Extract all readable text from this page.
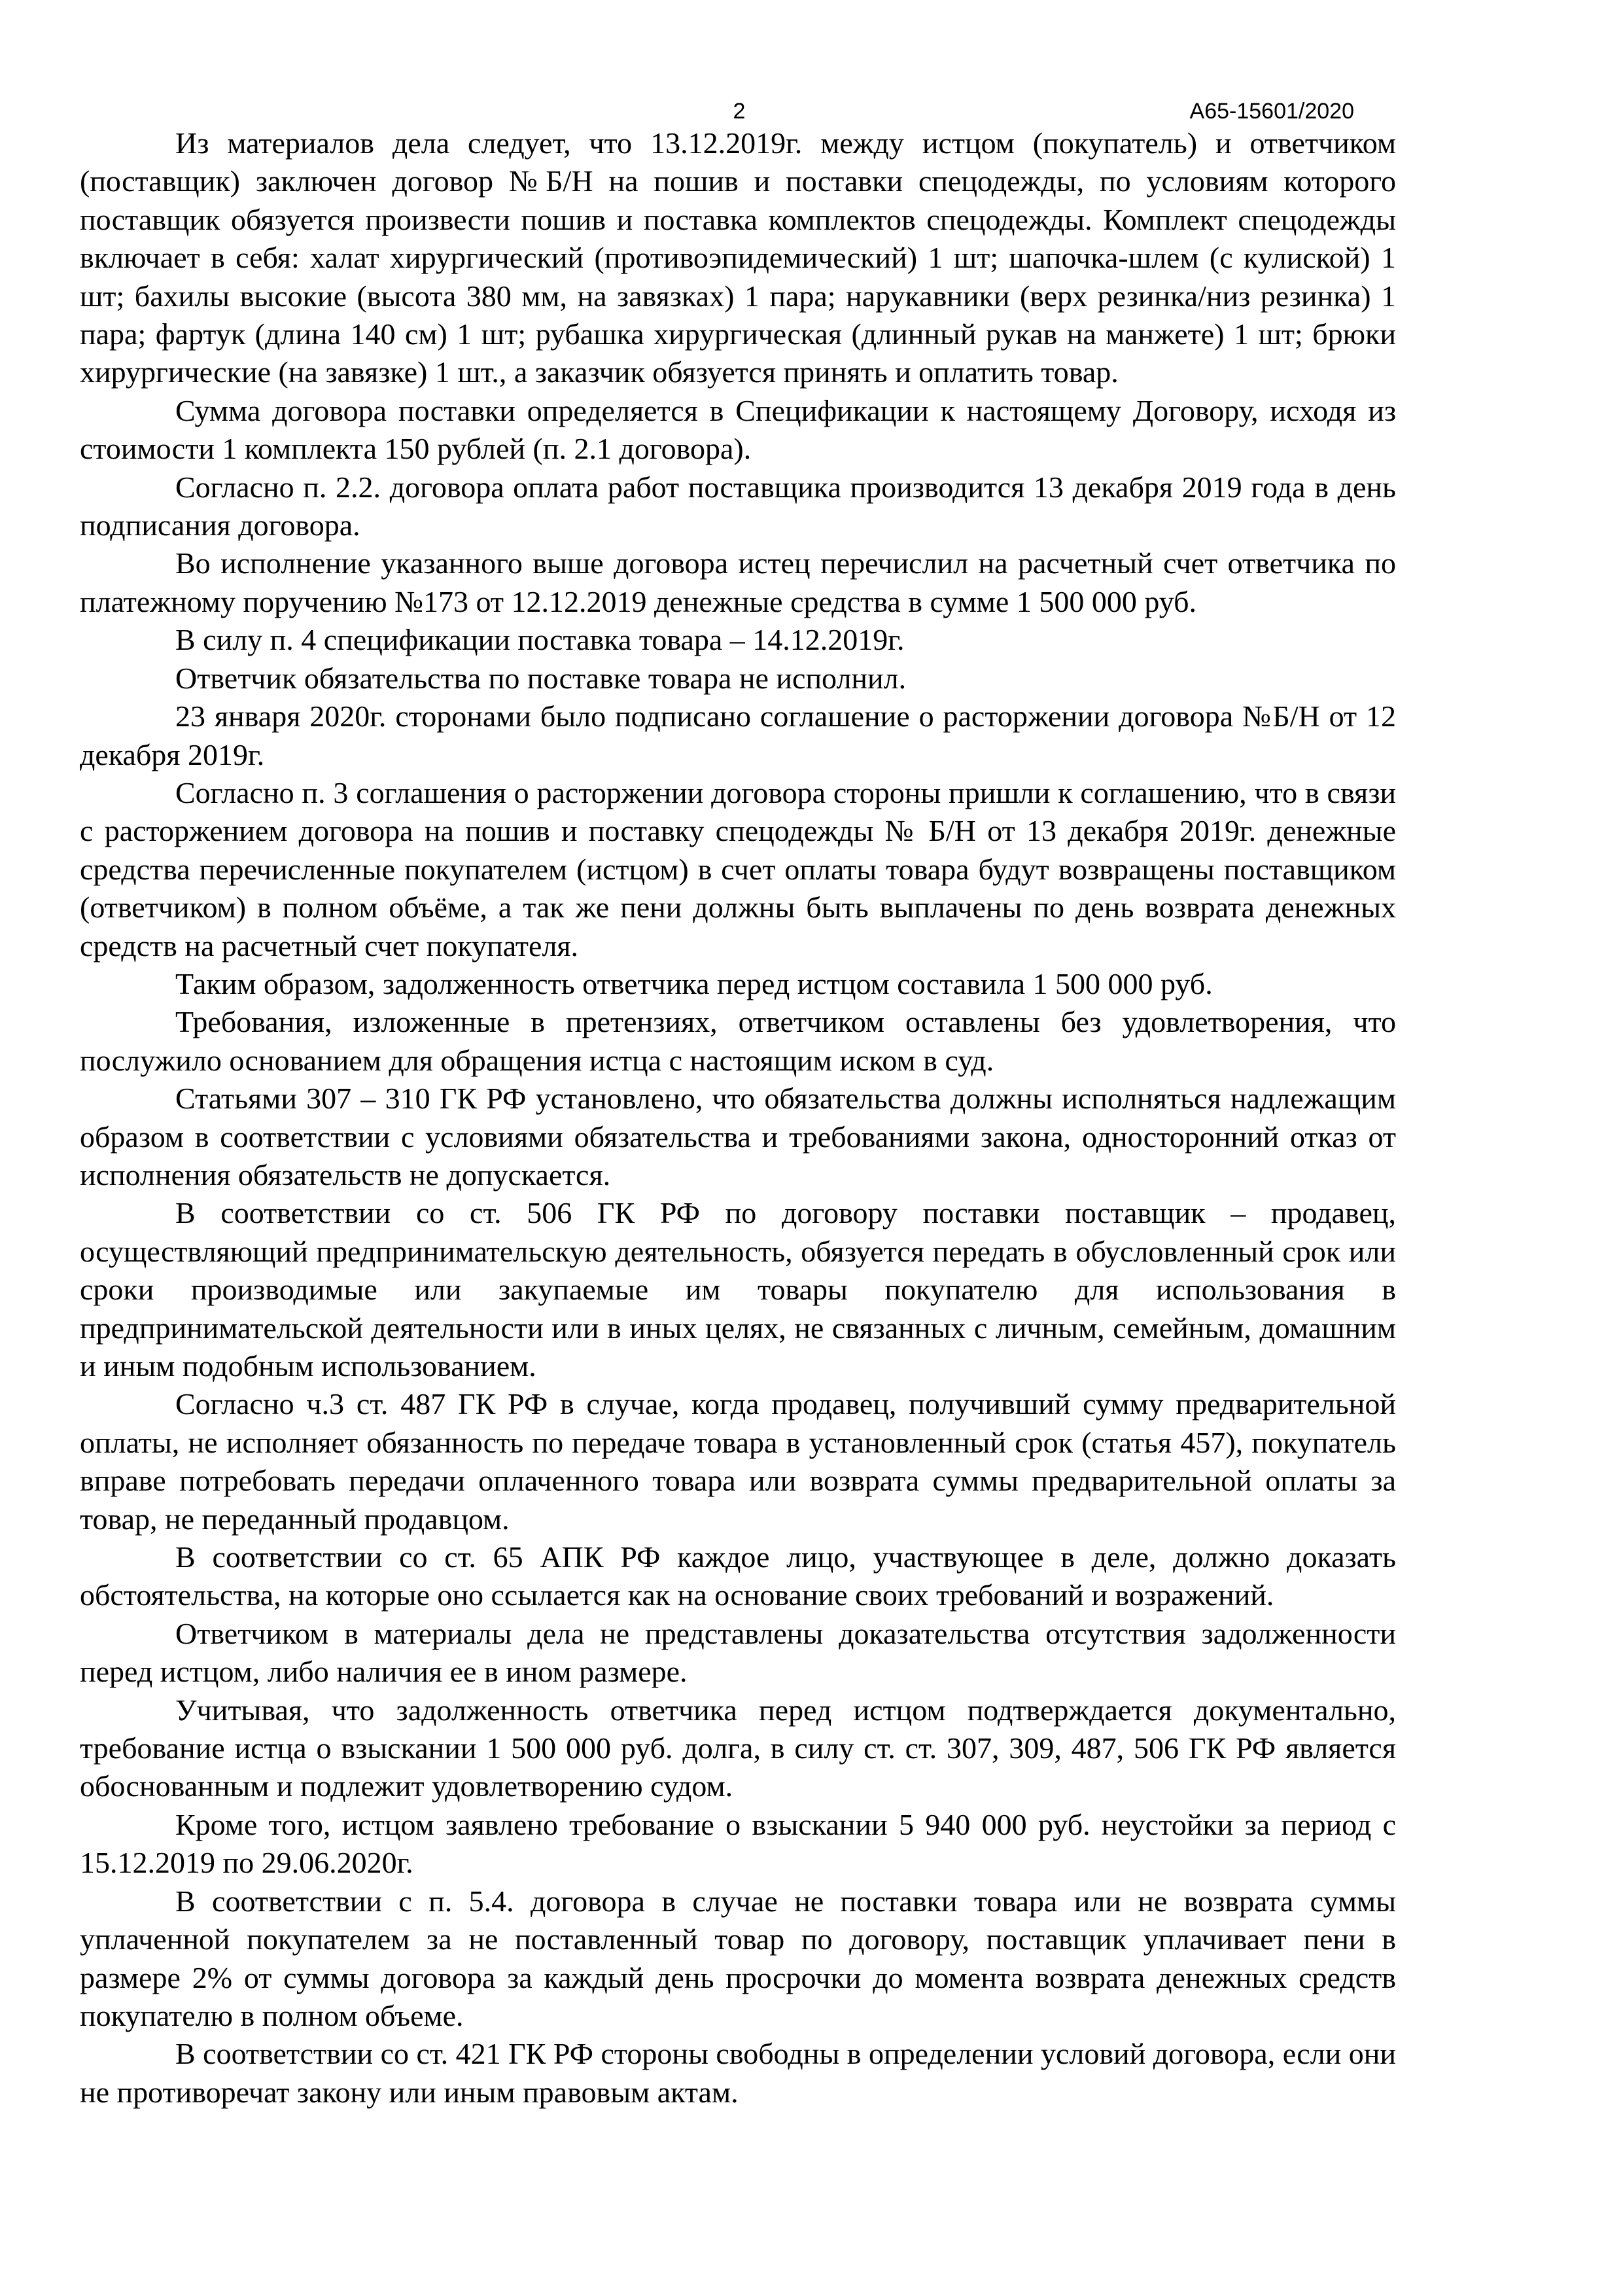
2	А65-15601/2020

Из материалов дела следует, что 13.12.2019г. между истцом (покупатель) и ответчиком (поставщик) заключен договор №Б/Н на пошив и поставки спецодежды, по условиям которого поставщик обязуется произвести пошив и поставка комплектов спецодежды. Комплект спецодежды включает в себя: халат хирургический (противоэпидемический) 1 шт; шапочка-шлем (с кулиской) 1 шт; бахилы высокие (высота 380 мм, на завязках) 1 пара; нарукавники (верх резинка/низ резинка) 1 пара; фартук (длина 140 см) 1 шт; рубашка хирургическая (длинный рукав на манжете) 1 шт; брюки хирургические (на завязке) 1 шт., а заказчик обязуется принять и оплатить товар.

Сумма договора поставки определяется в Спецификации к настоящему Договору, исходя из стоимости 1 комплекта 150 рублей (п. 2.1 договора).

Согласно п. 2.2. договора оплата работ поставщика производится 13 декабря 2019 года в день подписания договора.

Во исполнение указанного выше договора истец перечислил на расчетный счет ответчика по платежному поручению №173 от 12.12.2019 денежные средства в сумме 1 500 000 руб.

В силу п. 4 спецификации поставка товара – 14.12.2019г.

Ответчик обязательства по поставке товара не исполнил.

23 января 2020г. сторонами было подписано соглашение о расторжении договора №Б/Н от 12 декабря 2019г.

Согласно п. 3 соглашения о расторжении договора стороны пришли к соглашению, что в связи с расторжением договора на пошив и поставку спецодежды № Б/Н от 13 декабря 2019г. денежные средства перечисленные покупателем (истцом) в счет оплаты товара будут возвращены поставщиком (ответчиком) в полном объёме, а так же пени должны быть выплачены по день возврата денежных средств на расчетный счет покупателя.

Таким образом, задолженность ответчика перед истцом составила 1 500 000 руб.

Требования, изложенные в претензиях, ответчиком оставлены без удовлетворения, что послужило основанием для обращения истца с настоящим иском в суд.

Статьями 307 – 310 ГК РФ установлено, что обязательства должны исполняться надлежащим образом в соответствии с условиями обязательства и требованиями закона, односторонний отказ от исполнения обязательств не допускается.

В соответствии со ст. 506 ГК РФ по договору поставки поставщик – продавец, осуществляющий предпринимательскую деятельность, обязуется передать в обусловленный срок или сроки производимые или закупаемые им товары покупателю для использования в предпринимательской деятельности или в иных целях, не связанных с личным, семейным, домашним и иным подобным использованием.

Согласно ч.3 ст. 487 ГК РФ в случае, когда продавец, получивший сумму предварительной оплаты, не исполняет обязанность по передаче товара в установленный срок (статья 457), покупатель вправе потребовать передачи оплаченного товара или возврата суммы предварительной оплаты за товар, не переданный продавцом.

В соответствии со ст. 65 АПК РФ каждое лицо, участвующее в деле, должно доказать обстоятельства, на которые оно ссылается как на основание своих требований и возражений.

Ответчиком в материалы дела не представлены доказательства отсутствия задолженности перед истцом, либо наличия ее в ином размере.

Учитывая, что задолженность ответчика перед истцом подтверждается документально, требование истца о взыскании 1 500 000 руб. долга, в силу ст. ст. 307, 309, 487, 506 ГК РФ является обоснованным и подлежит удовлетворению судом.

Кроме того, истцом заявлено требование о взыскании 5 940 000 руб. неустойки за период с 15.12.2019 по 29.06.2020г.

В соответствии с п. 5.4. договора в случае не поставки товара или не возврата суммы уплаченной покупателем за не поставленный товар по договору, поставщик уплачивает пени в размере 2% от суммы договора за каждый день просрочки до момента возврата денежных средств покупателю в полном объеме.

В соответствии со ст. 421 ГК РФ стороны свободны в определении условий договора, если они не противоречат закону или иным правовым актам.
